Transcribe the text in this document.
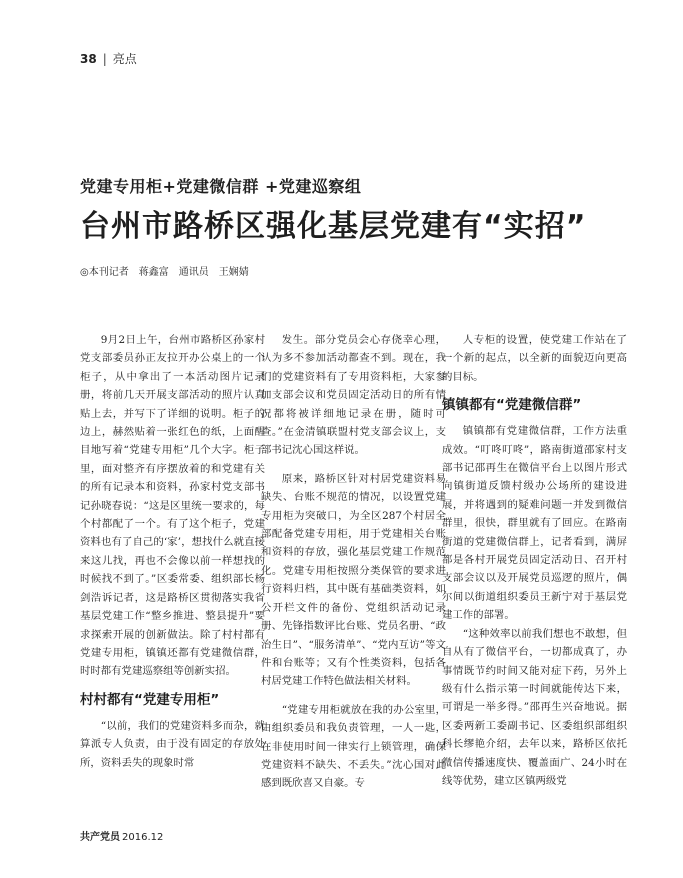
38 | 亮点
党建专用柜+党建微信群 +党建巡察组
台州市路桥区强化基层党建有“实招”
◎本刊记者 蒋鑫富 通讯员 王娴婧

9月2日上午，台州市路桥区孙家村党支部委员孙正友拉开办公桌上的一个柜子，从中拿出了一本活动图片记录册，将前几天开展支部活动的照片认真贴上去，并写下了详细的说明。柜子的边上，赫然贴着一张红色的纸，上面醒目地写着“党建专用柜”几个大字。柜子里，面对整齐有序摆放着的和党建有关的所有记录本和资料，孙家村党支部书记孙晓春说：“这是区里统一要求的，每个村都配了一个。有了这个柜子，党建资料也有了自己的‘家’，想找什么就直接来这儿找，再也不会像以前一样想找的时候找不到了。”区委常委、组织部长杨剑浩诉记者，这是路桥区贯彻落实我省基层党建工作“整乡推进、整县提升”要求探索开展的创新做法。除了村村都有党建专用柜，镇镇还都有党建微信群，时时都有党建巡察组等创新实招。

村村都有“党建专用柜”

“以前，我们的党建资料多而杂，就算派专人负责，由于没有固定的存放处所，资料丢失的现象时常

发生。部分党员会心存侥幸心理，认为多不参加活动都查不到。现在，我们的党建资料有了专用资料柜，大家参加支部会议和党员固定活动日的所有情况都将被详细地记录在册，随时可查。”在金清镇联盟村党支部会议上，支部书记沈心国这样说。

原来，路桥区针对村居党建资料易缺失、台账不规范的情况，以设置党建专用柜为突破口，为全区287个村居全部配备党建专用柜，用于党建相关台账和资料的存放，强化基层党建工作规范化。党建专用柜按照分类保管的要求进行资料归档，其中既有基础类资料，如公开栏文件的备份、党组织活动记录册、先锋指数评比台账、党员名册、“政治生日”、“服务清单”、“党内互访”等文件和台账等；又有个性类资料，包括各村居党建工作特色做法相关材料。

“党建专用柜就放在我的办公室里，由组织委员和我负责管理，一人一匙，在非使用时间一律实行上锁管理，确保党建资料不缺失、不丢失。”沈心国对此感到既欣喜又自豪。专

人专柜的设置，使党建工作站在了一个新的起点，以全新的面貌迈向更高的目标。

镇镇都有“党建微信群”

镇镇都有党建微信群，工作方法重成效。“叮咚叮咚”，路南街道邵家村支部书记邵再生在微信平台上以图片形式向镇街道反馈村级办公场所的建设进展，并将遇到的疑难问题一并发到微信群里，很快，群里就有了回应。在路南街道的党建微信群上，记者看到，满屏都是各村开展党员固定活动日、召开村支部会议以及开展党员巡逻的照片，偶尔间以街道组织委员王新宁对于基层党建工作的部署。

“这种效率以前我们想也不敢想，但自从有了微信平台，一切都成真了，办事情既节约时间又能对症下药，另外上级有什么指示第一时间就能传达下来，可谓是一举多得。”邵再生兴奋地说。据区委两新工委副书记、区委组织部组织科长缪艳介绍，去年以来，路桥区依托微信传播速度快、覆盖面广、24小时在线等优势，建立区镇两级党

共产党员 2016.12
